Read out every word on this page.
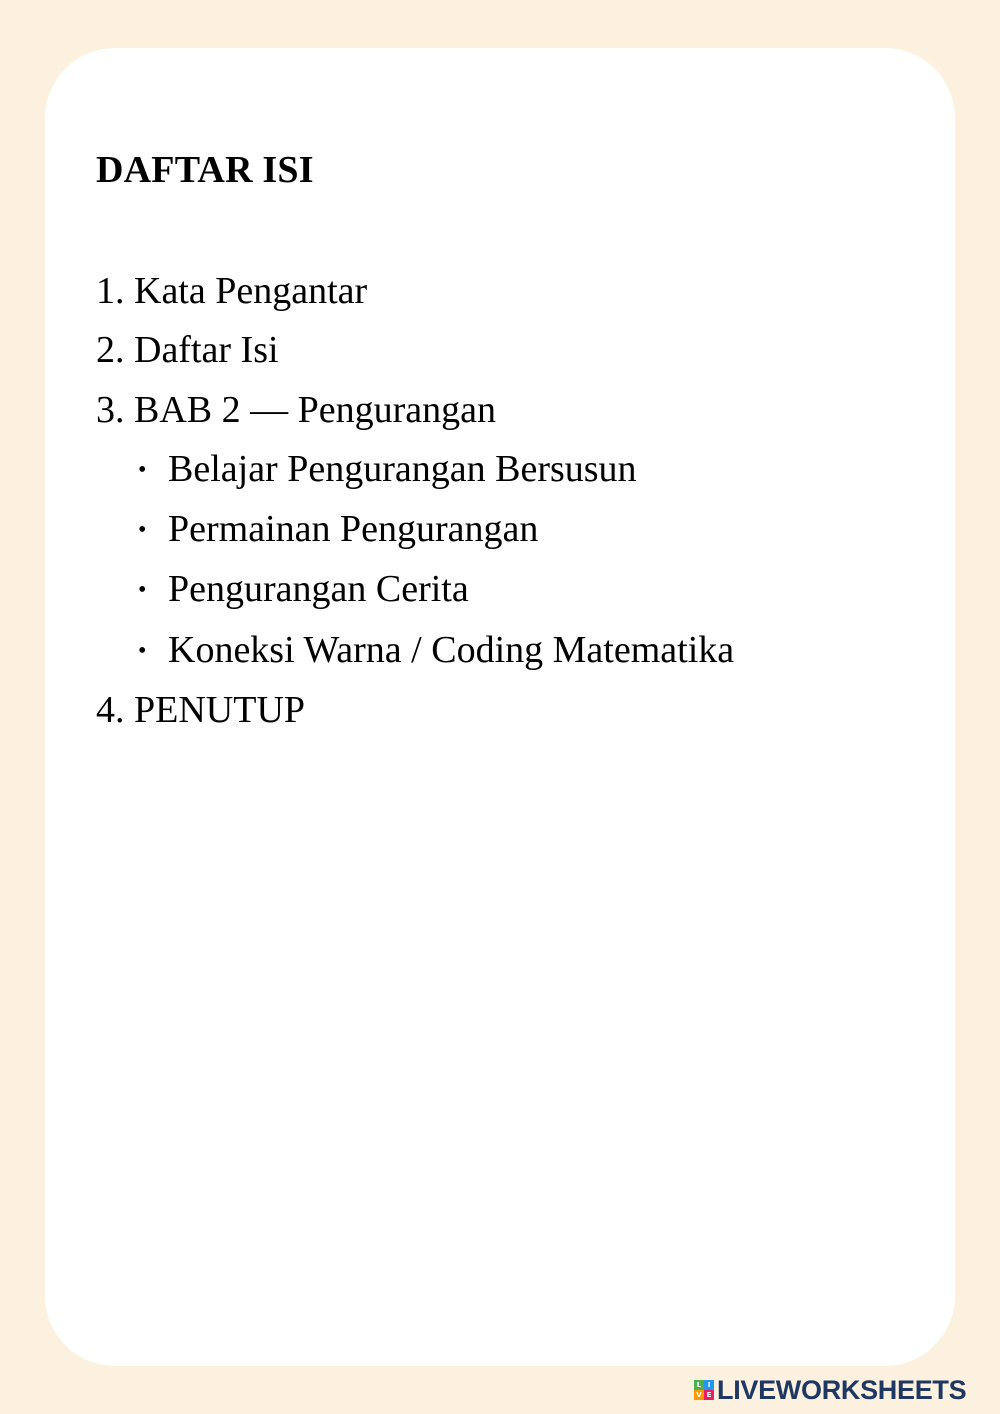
DAFTAR ISI
1. Kata Pengantar
2. Daftar Isi
3. BAB 2 — Pengurangan
• Belajar Pengurangan Bersusun
• Permainan Pengurangan
• Pengurangan Cerita
• Koneksi Warna / Coding Matematika
4. PENUTUP
L I
V E LIVEWORKSHEETS
